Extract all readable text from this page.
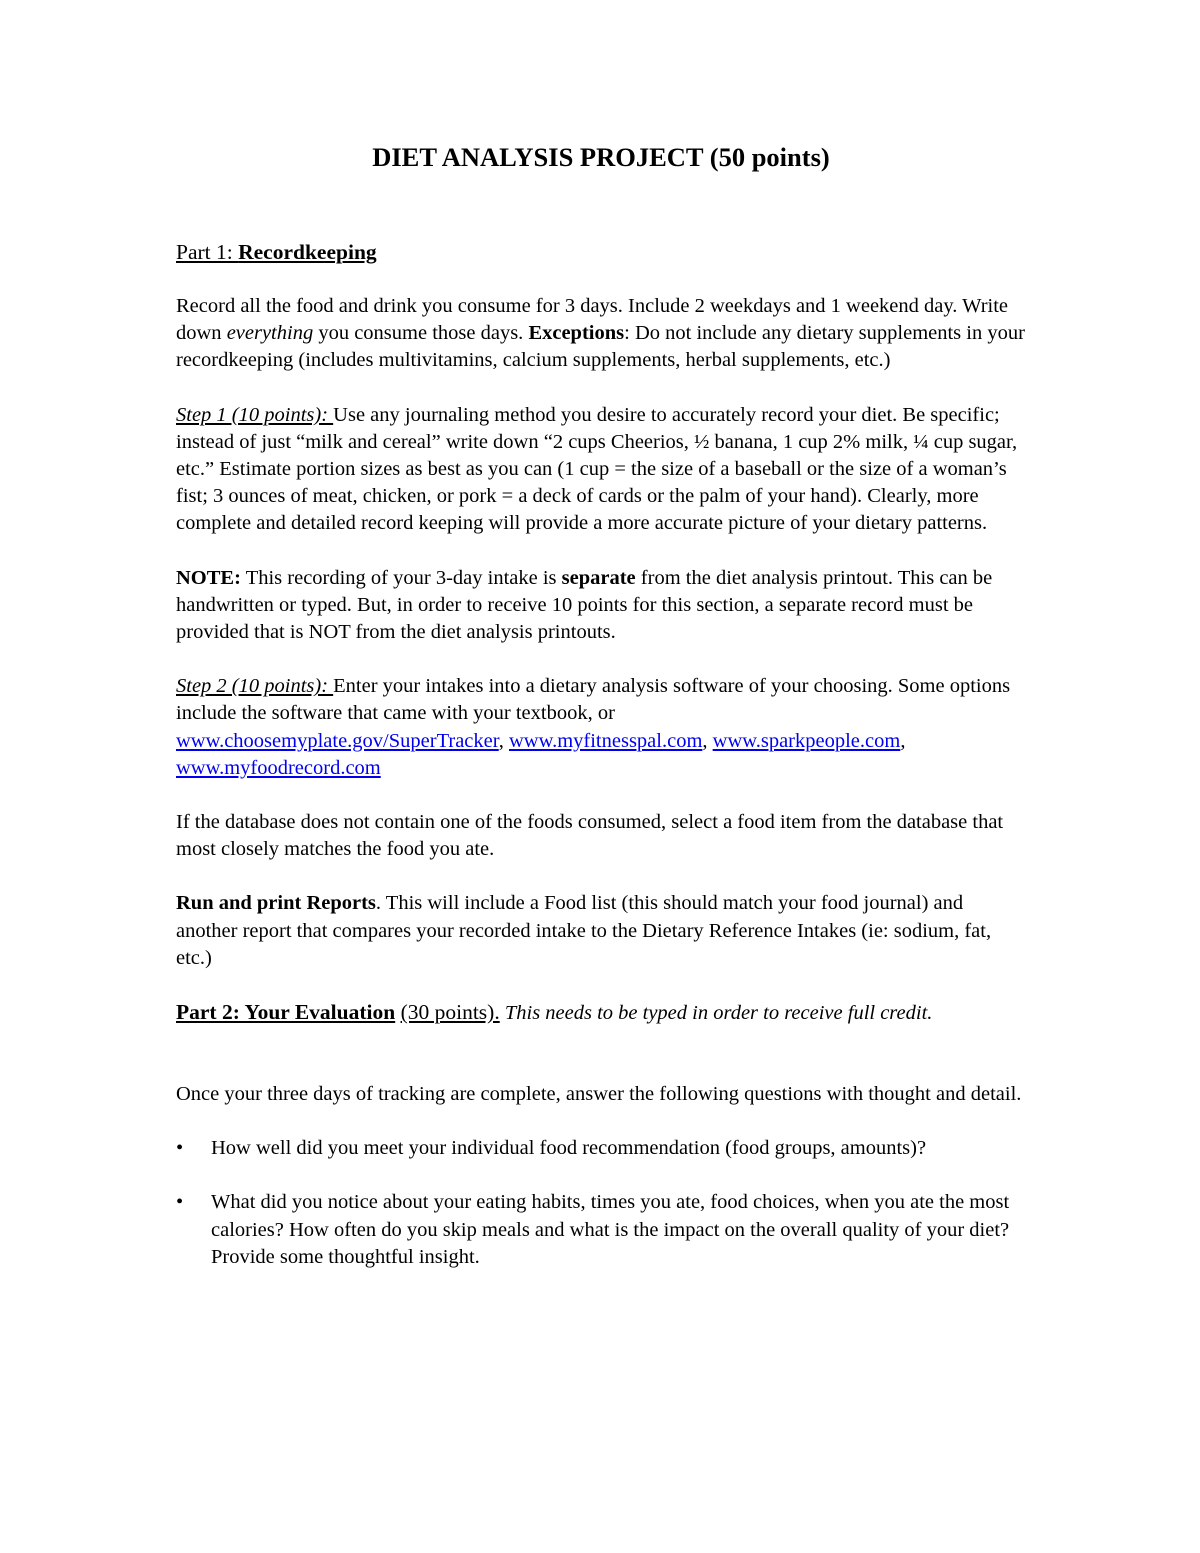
DIET ANALYSIS PROJECT (50 points)
Part 1: Recordkeeping

Record all the food and drink you consume for 3 days. Include 2 weekdays and 1 weekend day. Write down everything you consume those days. Exceptions: Do not include any dietary supplements in your recordkeeping (includes multivitamins, calcium supplements, herbal supplements, etc.)

Step 1 (10 points): Use any journaling method you desire to accurately record your diet. Be specific; instead of just “milk and cereal” write down “2 cups Cheerios, ½ banana, 1 cup 2% milk, ¼ cup sugar, etc.” Estimate portion sizes as best as you can (1 cup = the size of a baseball or the size of a woman’s fist; 3 ounces of meat, chicken, or pork = a deck of cards or the palm of your hand). Clearly, more complete and detailed record keeping will provide a more accurate picture of your dietary patterns.

NOTE: This recording of your 3-day intake is separate from the diet analysis printout. This can be handwritten or typed. But, in order to receive 10 points for this section, a separate record must be provided that is NOT from the diet analysis printouts.

Step 2 (10 points): Enter your intakes into a dietary analysis software of your choosing. Some options include the software that came with your textbook, or
www.choosemyplate.gov/SuperTracker, www.myfitnesspal.com, www.sparkpeople.com,
www.myfoodrecord.com

If the database does not contain one of the foods consumed, select a food item from the database that most closely matches the food you ate.

Run and print Reports. This will include a Food list (this should match your food journal) and another report that compares your recorded intake to the Dietary Reference Intakes (ie: sodium, fat, etc.)

Part 2: Your Evaluation (30 points). This needs to be typed in order to receive full credit.

Once your three days of tracking are complete, answer the following questions with thought and detail.

• How well did you meet your individual food recommendation (food groups, amounts)?
• What did you notice about your eating habits, times you ate, food choices, when you ate the most calories? How often do you skip meals and what is the impact on the overall quality of your diet? Provide some thoughtful insight.
